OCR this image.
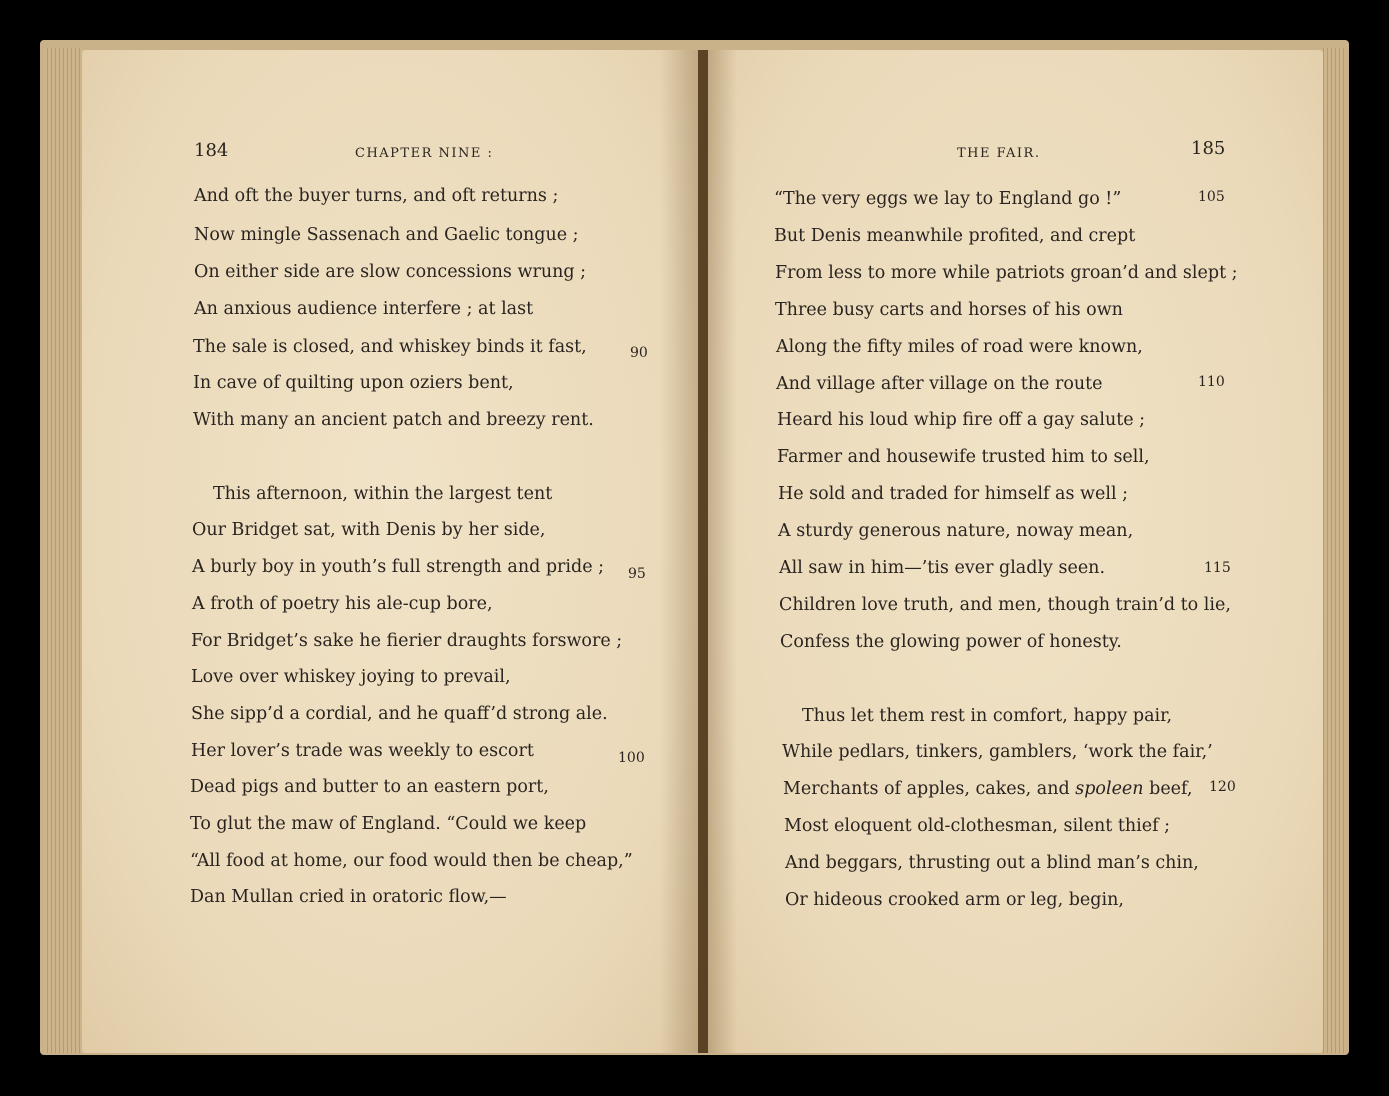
184	CHAPTER NINE :
And oft the buyer turns, and oft returns ;
Now mingle Sassenach and Gaelic tongue ;
On either side are slow concessions wrung ;
An anxious audience interfere ; at last
The sale is closed, and whiskey binds it fast,	90
In cave of quilting upon oziers bent,
With many an ancient patch and breezy rent.
This afternoon, within the largest tent
Our Bridget sat, with Denis by her side,
A burly boy in youth’s full strength and pride ; 95
A froth of poetry his ale-cup bore,
For Bridget’s sake he fierier draughts forswore ;
Love over whiskey joying to prevail,
She sipp’d a cordial, and he quaff’d strong ale.
Her lover’s trade was weekly to escort	100
Dead pigs and butter to an eastern port,
To glut the maw of England. “Could we keep
“All food at home, our food would then be cheap,”
Dan Mullan cried in oratoric flow,—
THE FAIR.	185
“The very eggs we lay to England go !”	105
But Denis meanwhile profited, and crept
From less to more while patriots groan’d and slept ;
Three busy carts and horses of his own
Along the fifty miles of road were known,
And village after village on the route	110
Heard his loud whip fire off a gay salute ;
Farmer and housewife trusted him to sell,
He sold and traded for himself as well ;
A sturdy generous nature, noway mean,
All saw in him—’tis ever gladly seen.	115
Children love truth, and men, though train’d to lie,
Confess the glowing power of honesty.
Thus let them rest in comfort, happy pair,
While pedlars, tinkers, gamblers, ‘work the fair,’
Merchants of apples, cakes, and spoleen beef, 120
Most eloquent old-clothesman, silent thief ;
And beggars, thrusting out a blind man’s chin,
Or hideous crooked arm or leg, begin,
